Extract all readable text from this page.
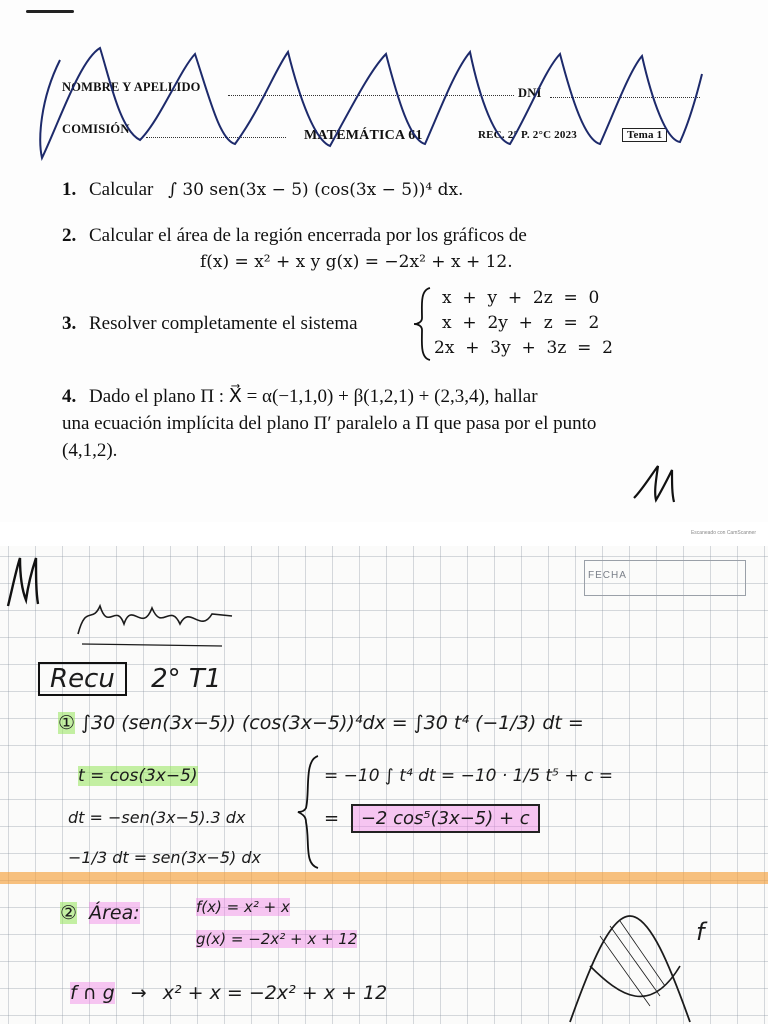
NOMBRE Y APELLIDO	DNI
COMISIÓN	MATEMÁTICA 61	REC. 2° P. 2°C 2023	Tema 1
1. Calcular ∫ 30 sen(3x − 5) (cos(3x − 5))⁴ dx.
2. Calcular el área de la región encerrada por los gráficos de
f(x) = x² + x y g(x) = −2x² + x + 12.
3. Resolver completamente el sistema
x  +  y  +  2z  =  0
x  +  2y  +  z  =  2
2x  +  3y  +  3z  =  2
4. Dado el plano Π : X⃗ = α(−1,1,0) + β(1,2,1) + (2,3,4), hallar
una ecuación implícita del plano Π′ paralelo a Π que pasa por el punto
(4,1,2).
Escaneado con CamScanner
FECHA
Recu 2° T1
① ∫30 (sen(3x−5)) (cos(3x−5))⁴dx = ∫30 t⁴ (−1/3) dt =
t = cos(3x−5)
dt = −sen(3x−5).3 dx
−1/3 dt = sen(3x−5) dx
= −10 ∫ t⁴ dt = −10 · 1/5 t⁵ + c =
= −2 cos⁵(3x−5) + c
② Área:	f(x) = x² + x
g(x) = −2x² + x + 12
f ∩ g → x² + x = −2x² + x + 12
f
